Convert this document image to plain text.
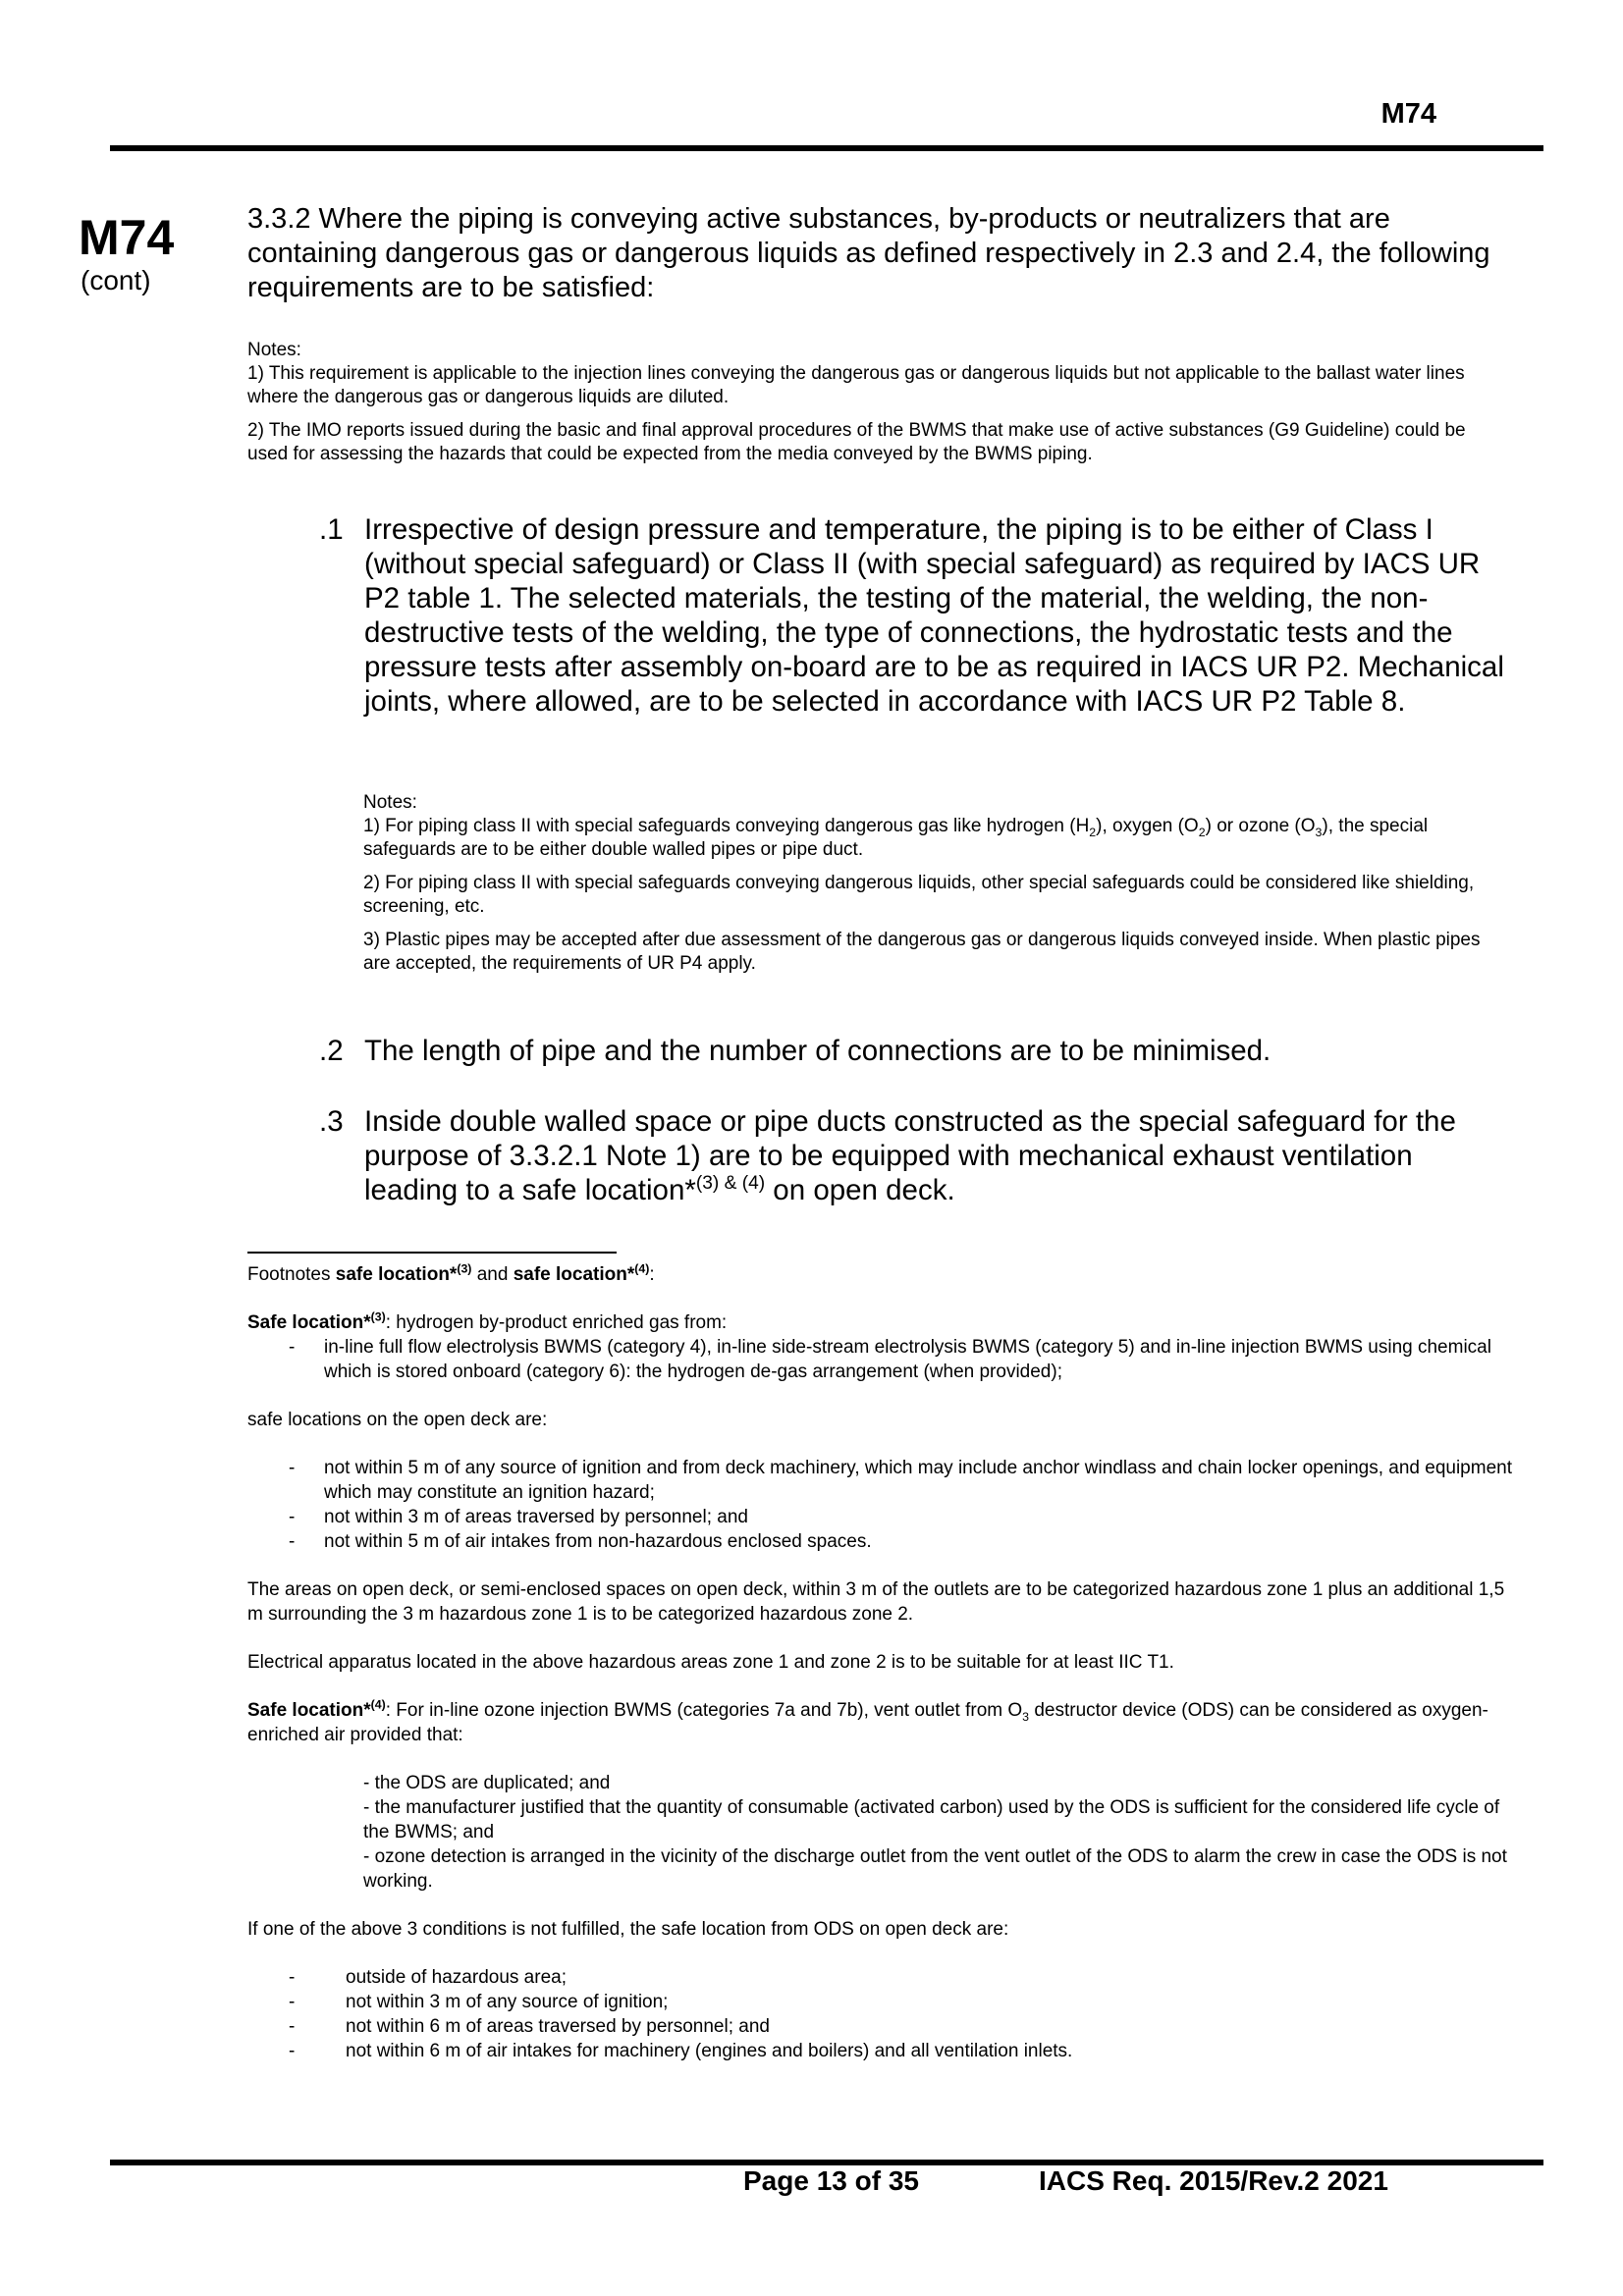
M74
M74
(cont)
3.3.2 Where the piping is conveying active substances, by-products or neutralizers that are containing dangerous gas or dangerous liquids as defined respectively in 2.3 and 2.4, the following requirements are to be satisfied:
Notes:

1) This requirement is applicable to the injection lines conveying the dangerous gas or dangerous liquids but not applicable to the ballast water lines where the dangerous gas or dangerous liquids are diluted.

2) The IMO reports issued during the basic and final approval procedures of the BWMS that make use of active substances (G9 Guideline) could be used for assessing the hazards that could be expected from the media conveyed by the BWMS piping.

.1 Irrespective of design pressure and temperature, the piping is to be either of Class I (without special safeguard) or Class II (with special safeguard) as required by IACS UR P2 table 1. The selected materials, the testing of the material, the welding, the non-destructive tests of the welding, the type of connections, the hydrostatic tests and the pressure tests after assembly on-board are to be as required in IACS UR P2. Mechanical joints, where allowed, are to be selected in accordance with IACS UR P2 Table 8.
Notes:

1) For piping class II with special safeguards conveying dangerous gas like hydrogen $(H_2)$, oxygen $(O_2)$ or ozone $(O_3)$, the special safeguards are to be either double walled pipes or pipe duct.

2) For piping class II with special safeguards conveying dangerous liquids, other special safeguards could be considered like shielding, screening, etc.

3) Plastic pipes may be accepted after due assessment of the dangerous gas or dangerous liquids conveyed inside. When plastic pipes are accepted, the requirements of UR P4 apply.

.2 The length of pipe and the number of connections are to be minimised.
.3 Inside double walled space or pipe ducts constructed as the special safeguard for the purpose of 3.3.2.1 Note 1) are to be equipped with mechanical exhaust ventilation leading to a safe location*$^{(3) \& (4)}$ on open deck.

Footnotes safe location*$^{(3)}$ and safe location*$^{(4)}$:

Safe location*$^{(3)}$: hydrogen by-product enriched gas from:

- in-line full flow electrolysis BWMS (category 4), in-line side-stream electrolysis BWMS (category 5) and in-line injection BWMS using chemical which is stored onboard (category 6): the hydrogen de-gas arrangement (when provided);

safe locations on the open deck are:

- not within 5 m of any source of ignition and from deck machinery, which may include anchor windlass and chain locker openings, and equipment which may constitute an ignition hazard;
- not within 3 m of areas traversed by personnel; and
- not within 5 m of air intakes from non-hazardous enclosed spaces.

The areas on open deck, or semi-enclosed spaces on open deck, within 3 m of the outlets are to be categorized hazardous zone 1 plus an additional 1,5 m surrounding the 3 m hazardous zone 1 is to be categorized hazardous zone 2.

Electrical apparatus located in the above hazardous areas zone 1 and zone 2 is to be suitable for at least IIC T1.

Safe location*$^{(4)}$: For in-line ozone injection BWMS (categories 7a and 7b), vent outlet from $O_3$ destructor device (ODS) can be considered as oxygen-enriched air provided that:

- the ODS are duplicated; and

- the manufacturer justified that the quantity of consumable (activated carbon) used by the ODS is sufficient for the considered life cycle of the BWMS; and

- ozone detection is arranged in the vicinity of the discharge outlet from the vent outlet of the ODS to alarm the crew in case the ODS is not working.

If one of the above 3 conditions is not fulfilled, the safe location from ODS on open deck are:

- outside of hazardous area;
- not within 3 m of any source of ignition;
- not within 6 m of areas traversed by personnel; and
- not within 6 m of air intakes for machinery (engines and boilers) and all ventilation inlets.
Page 13 of 35	IACS Req. 2015/Rev.2 2021
